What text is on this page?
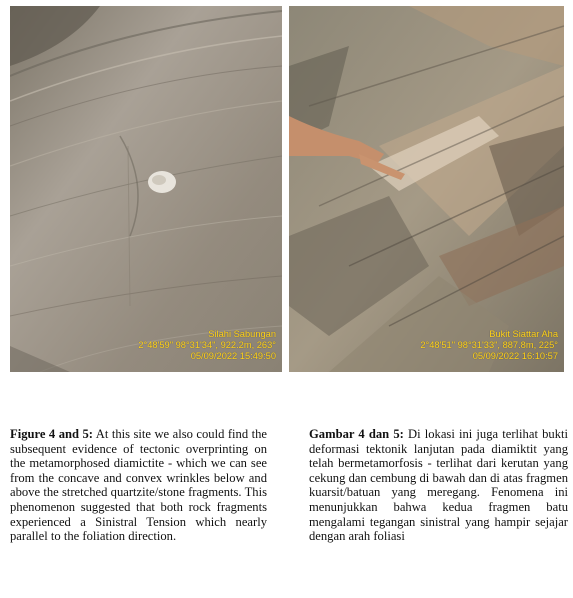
Silahi Sabungan
2°48'59" 98°31'34", 922.2m, 263°
05/09/2022 15:49:50
Bukit Siattar Aha
2°48'51" 98°31'33", 887.8m, 225°
05/09/2022 16:10:57
Figure 4 and 5: At this site we also could find the subsequent evidence of tectonic overprinting on the metamorphosed diamictite - which we can see from the concave and convex wrinkles below and above the stretched quartzite/stone fragments. This phenomenon suggested that both rock fragments experienced a Sinistral Tension which nearly parallel to the foliation direction.
Gambar 4 dan 5: Di lokasi ini juga terlihat bukti deformasi tektonik lanjutan pada diamiktit yang telah bermetamorfosis - terlihat dari kerutan yang cekung dan cembung di bawah dan di atas fragmen kuarsit/batuan yang meregang. Fenomena ini menunjukkan bahwa kedua fragmen batu mengalami tegangan sinistral yang hampir sejajar dengan arah foliasi
